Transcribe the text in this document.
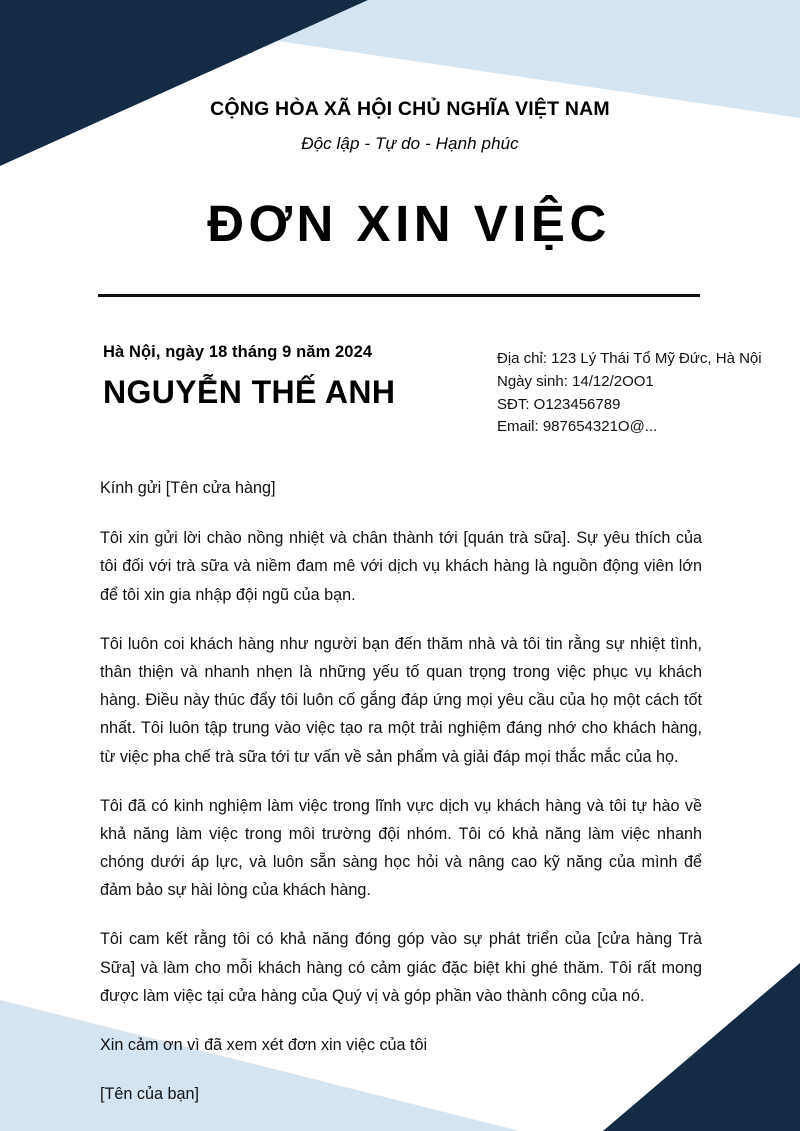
CỘNG HÒA XÃ HỘI CHỦ NGHĨA VIỆT NAM
Độc lập - Tự do - Hạnh phúc
ĐƠN XIN VIỆC
Hà Nội, ngày 18 tháng 9 năm 2024
NGUYỄN THẾ ANH
Địa chỉ: 123 Lý Thái Tổ Mỹ Đức, Hà Nội
Ngày sinh: 14/12/2OO1
SĐT: O123456789
Email: 987654321O@...

Kính gửi [Tên cửa hàng]

Tôi xin gửi lời chào nồng nhiệt và chân thành tới [quán trà sữa]. Sự yêu thích của tôi đối với trà sữa và niềm đam mê với dịch vụ khách hàng là nguồn động viên lớn để tôi xin gia nhập đội ngũ của bạn.

Tôi luôn coi khách hàng như người bạn đến thăm nhà và tôi tin rằng sự nhiệt tình, thân thiện và nhanh nhẹn là những yếu tố quan trọng trong việc phục vụ khách hàng. Điều này thúc đẩy tôi luôn cố gắng đáp ứng mọi yêu cầu của họ một cách tốt nhất. Tôi luôn tập trung vào việc tạo ra một trải nghiệm đáng nhớ cho khách hàng, từ việc pha chế trà sữa tới tư vấn về sản phẩm và giải đáp mọi thắc mắc của họ.

Tôi đã có kinh nghiệm làm việc trong lĩnh vực dịch vụ khách hàng và tôi tự hào về khả năng làm việc trong môi trường đội nhóm. Tôi có khả năng làm việc nhanh chóng dưới áp lực, và luôn sẵn sàng học hỏi và nâng cao kỹ năng của mình để đảm bảo sự hài lòng của khách hàng.

Tôi cam kết rằng tôi có khả năng đóng góp vào sự phát triển của [cửa hàng Trà Sữa] và làm cho mỗi khách hàng có cảm giác đặc biệt khi ghé thăm. Tôi rất mong được làm việc tại cửa hàng của Quý vị và góp phần vào thành công của nó.

Xin cảm ơn vì đã xem xét đơn xin việc của tôi

[Tên của bạn]
